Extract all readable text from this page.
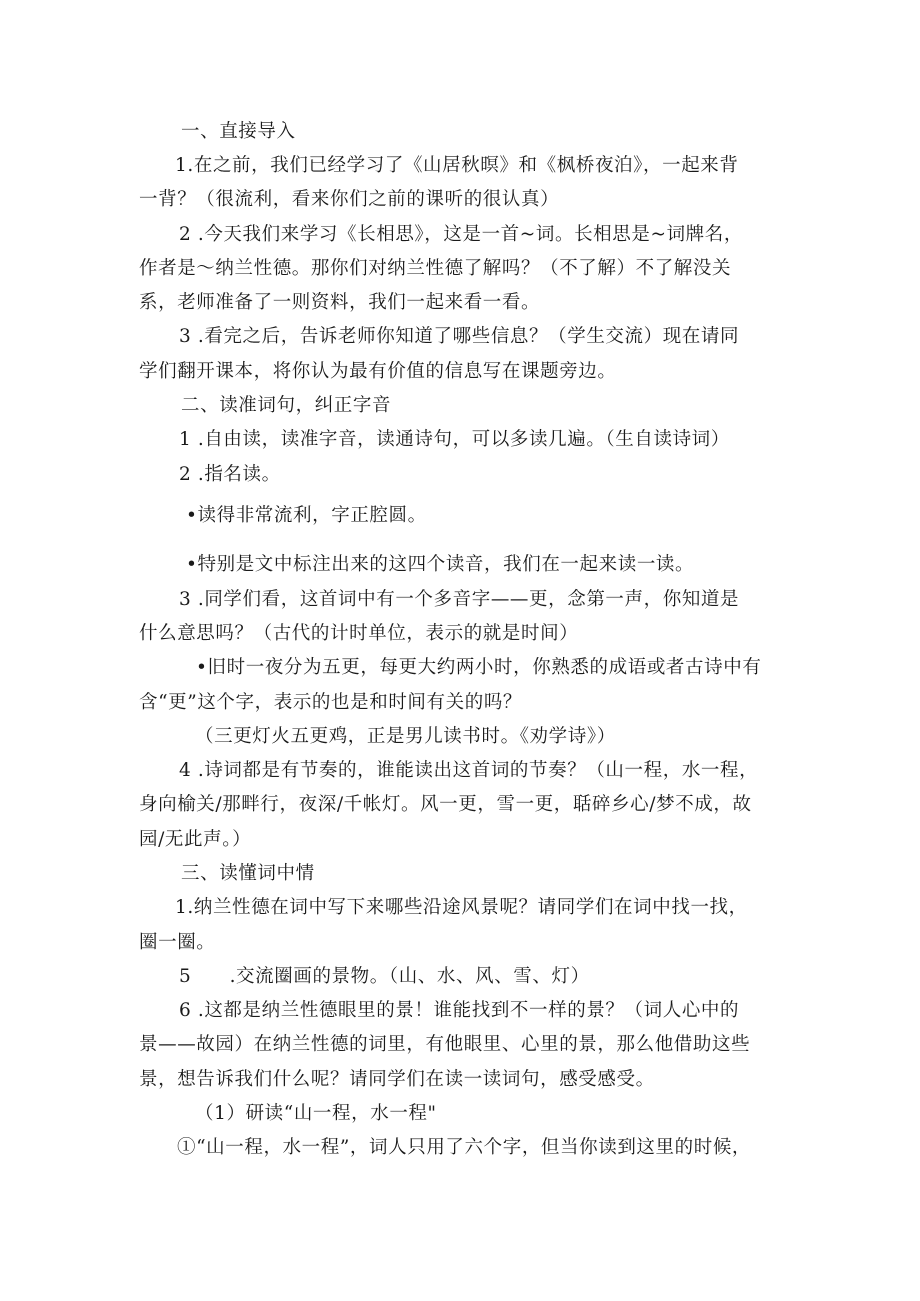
一、直接导入
1.在之前，我们已经学习了《山居秋暝》和《枫桥夜泊》，一起来背
一背？（很流利，看来你们之前的课听的很认真）
2 .今天我们来学习《长相思》，这是一首~词。长相思是~词牌名，
作者是～纳兰性德。那你们对纳兰性德了解吗？（不了解）不了解没关
系，老师准备了一则资料，我们一起来看一看。
3 .看完之后，告诉老师你知道了哪些信息？（学生交流）现在请同
学们翻开课本，将你认为最有价值的信息写在课题旁边。
二、读准词句，纠正字音
1 .自由读，读准字音，读通诗句，可以多读几遍。（生自读诗词）
2 .指名读。
•读得非常流利，字正腔圆。
•特别是文中标注出来的这四个读音，我们在一起来读一读。
3 .同学们看，这首词中有一个多音字——更，念第一声，你知道是
什么意思吗？（古代的计时单位，表示的就是时间）
•旧时一夜分为五更，每更大约两小时，你熟悉的成语或者古诗中有
含“更”这个字，表示的也是和时间有关的吗？
（三更灯火五更鸡，正是男儿读书时。《劝学诗》）
4 .诗词都是有节奏的，谁能读出这首词的节奏？（山一程，水一程，
身向榆关/那畔行，夜深/千帐灯。风一更，雪一更，聒碎乡心/梦不成，故
园/无此声。）
三、读懂词中情
1.纳兰性德在词中写下来哪些沿途风景呢？请同学们在词中找一找，
圈一圈。
5　　.交流圈画的景物。（山、水、风、雪、灯）
6 .这都是纳兰性德眼里的景！谁能找到不一样的景？（词人心中的
景——故园）在纳兰性德的词里，有他眼里、心里的景，那么他借助这些
景，想告诉我们什么呢？请同学们在读一读词句，感受感受。
（1）研读“山一程，水一程"
①“山一程，水一程”，词人只用了六个字，但当你读到这里的时候，
